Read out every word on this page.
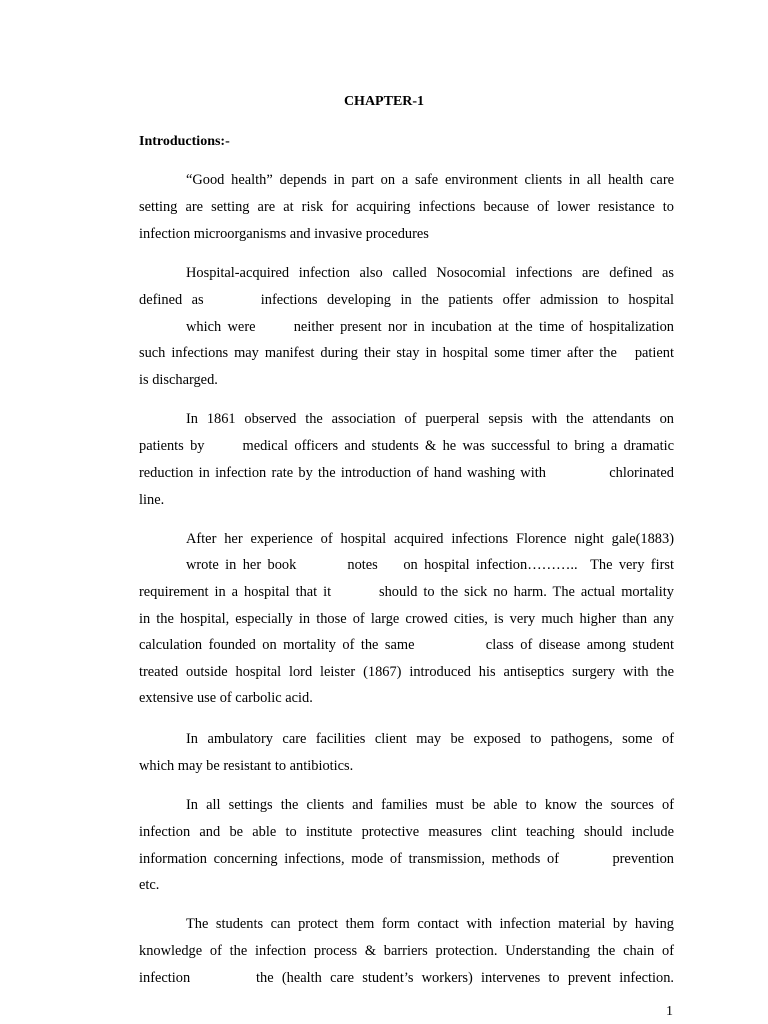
CHAPTER-1
Introductions:-
“Good health” depends in part on a safe environment clients in all health care
setting are setting are at risk for acquiring infections because of lower resistance to
infection microorganisms and invasive procedures
Hospital-acquired infection also called Nosocomial infections are defined as
defined as      infections developing in the patients offer admission to hospital
which were      neither present nor in incubation at the time of hospitalization
such infections may manifest during their stay in hospital some timer after the   patient
is discharged.
In 1861 observed the association of puerperal sepsis with the attendants on
patients by      medical officers and students & he was successful to bring a dramatic
reduction in infection rate by the introduction of hand washing with            chlorinated
line.
After her experience of hospital acquired infections Florence night gale(1883)
wrote in her book        notes    on hospital infection………..  The very first
requirement in a hospital that it        should to the sick no harm. The actual mortality
in the hospital, especially in those of large crowed cities, is very much higher than any
calculation founded on mortality of the same           class of disease among student
treated outside hospital lord leister (1867) introduced his antiseptics surgery with the
extensive use of carbolic acid.
In ambulatory care facilities client may be exposed to pathogens, some of
which may be resistant to antibiotics.
In all settings the clients and families must be able to know the sources of
infection and be able to institute protective measures clint teaching should include
information concerning infections, mode of transmission, methods of        prevention
etc.
The students can protect them form contact with infection material by having
knowledge of the infection process & barriers protection. Understanding the chain of
infection        the (health care student’s workers) intervenes to prevent infection.
1
